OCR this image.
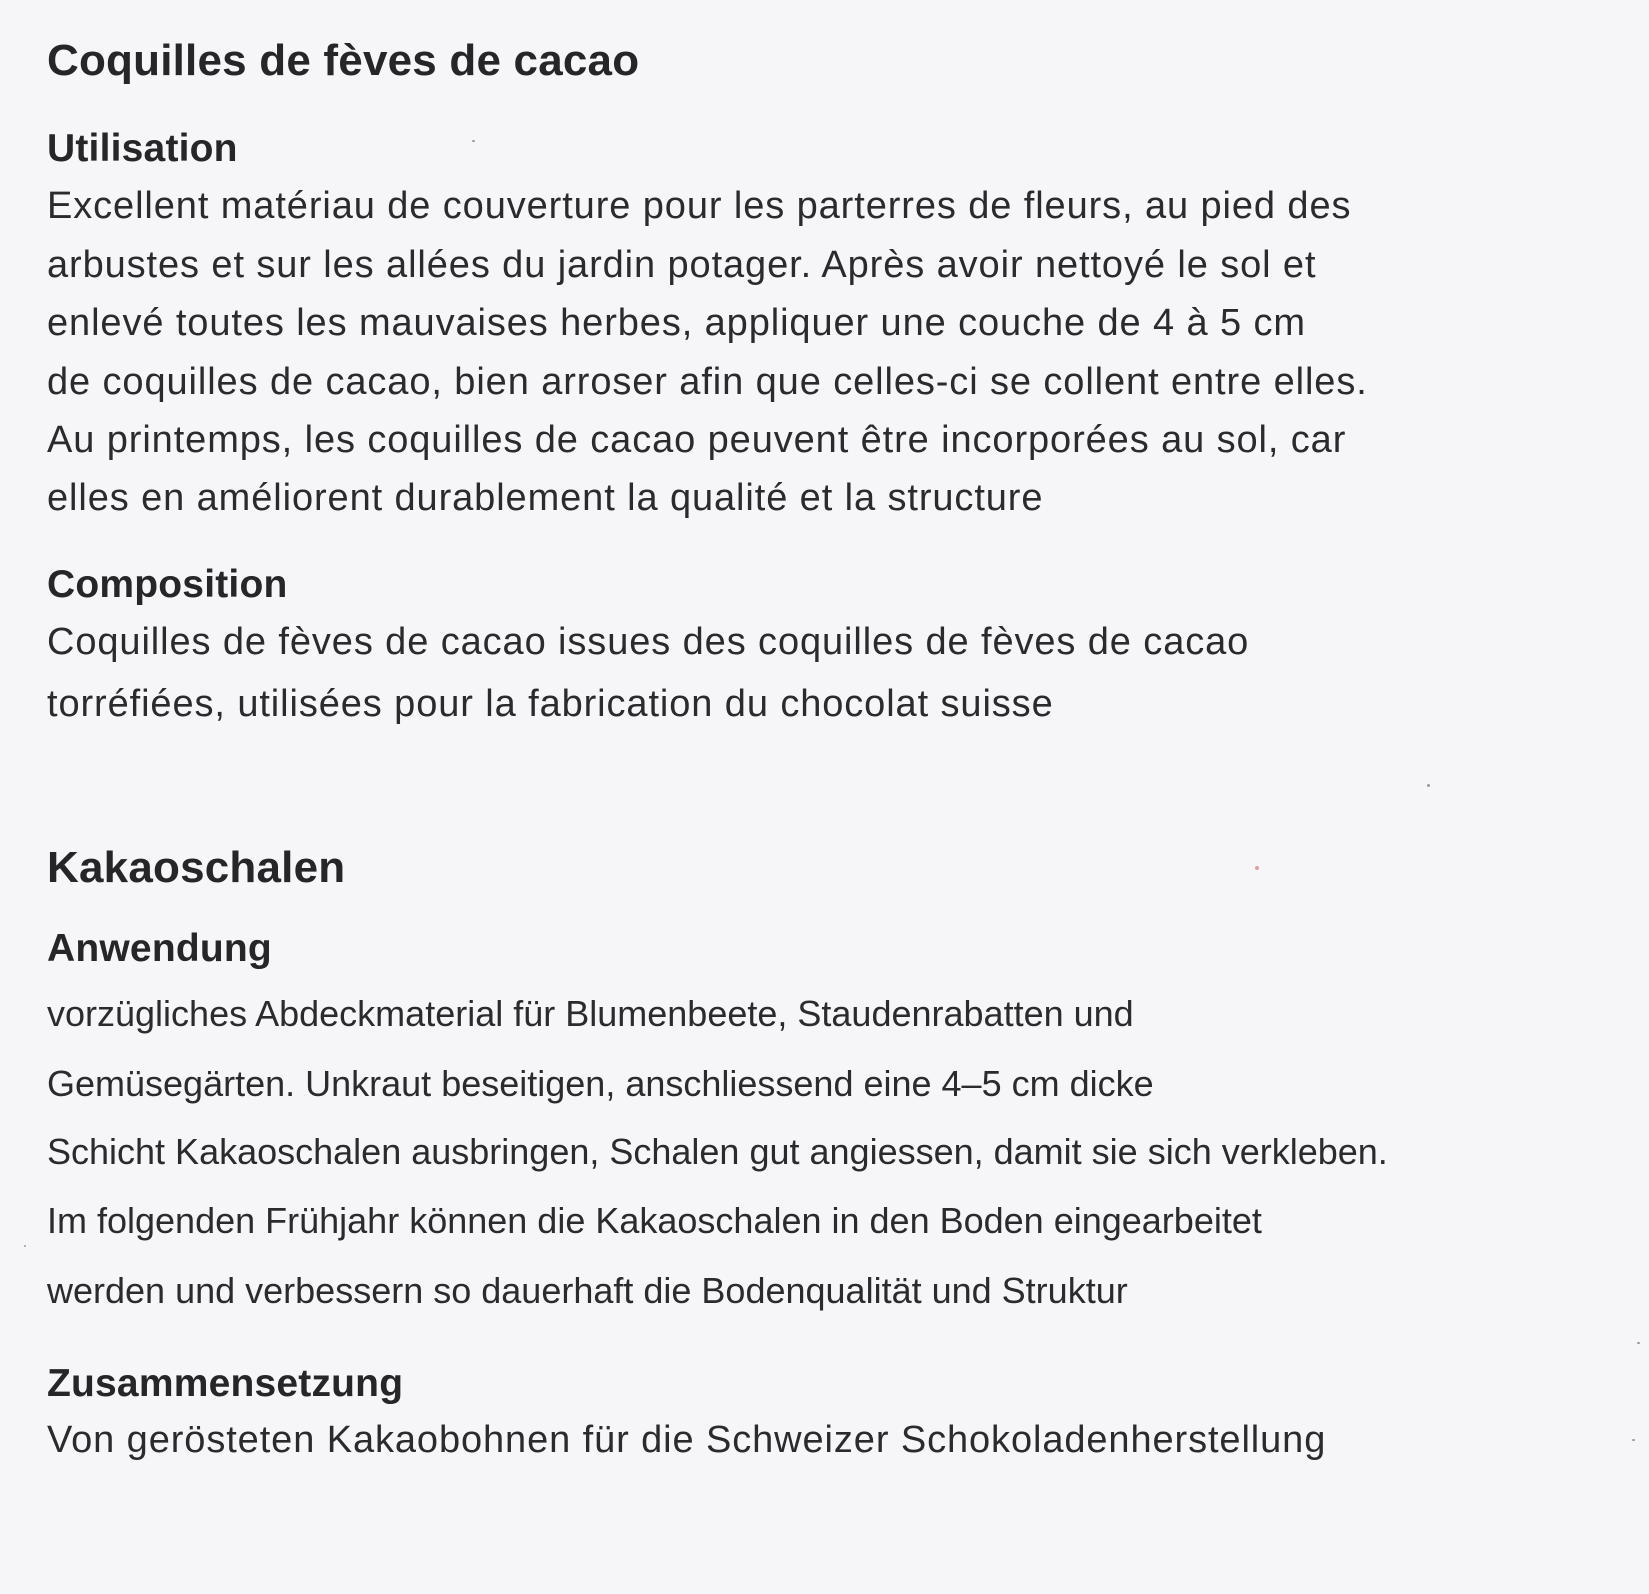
Coquilles de fèves de cacao
Utilisation

Excellent matériau de couverture pour les parterres de fleurs, au pied des

arbustes et sur les allées du jardin potager. Après avoir nettoyé le sol et

enlevé toutes les mauvaises herbes, appliquer une couche de 4 à 5 cm

de coquilles de cacao, bien arroser afin que celles-ci se collent entre elles.

Au printemps, les coquilles de cacao peuvent être incorporées au sol, car

elles en améliorent durablement la qualité et la structure

Composition

Coquilles de fèves de cacao issues des coquilles de fèves de cacao

torréfiées, utilisées pour la fabrication du chocolat suisse

Kakaoschalen
Anwendung

vorzügliches Abdeckmaterial für Blumenbeete, Staudenrabatten und

Gemüsegärten. Unkraut beseitigen, anschliessend eine 4–5 cm dicke

Schicht Kakaoschalen ausbringen, Schalen gut angiessen, damit sie sich verkleben.

Im folgenden Frühjahr können die Kakaoschalen in den Boden eingearbeitet

werden und verbessern so dauerhaft die Bodenqualität und Struktur

Zusammensetzung

Von gerösteten Kakaobohnen für die Schweizer Schokoladenherstellung
